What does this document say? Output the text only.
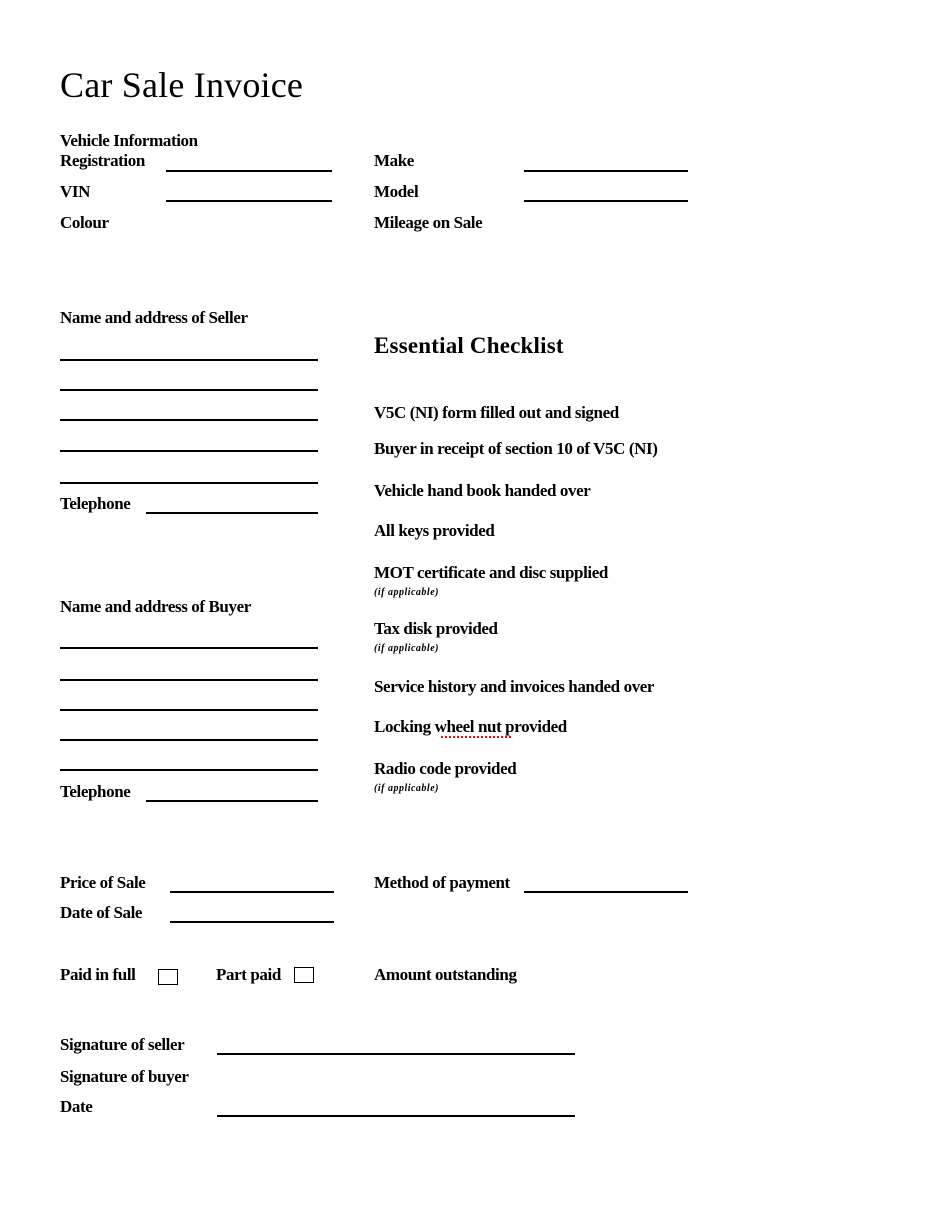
Car Sale Invoice
Vehicle Information
Registration
VIN
Colour
Make
Model
Mileage on Sale
Name and address of Seller
Telephone
Name and address of Buyer
Telephone
Essential Checklist
V5C (NI) form filled out and signed
Buyer in receipt of section 10 of V5C (NI)
Vehicle hand book handed over
All keys provided
MOT certificate and disc supplied
(if applicable)
Tax disk provided
(if applicable)
Service history and invoices handed over
Locking wheel nut provided
Radio code provided
(if applicable)
Price of Sale
Date of Sale
Method of payment
Paid in full	Part paid	Amount outstanding
Signature of seller
Signature of buyer
Date
